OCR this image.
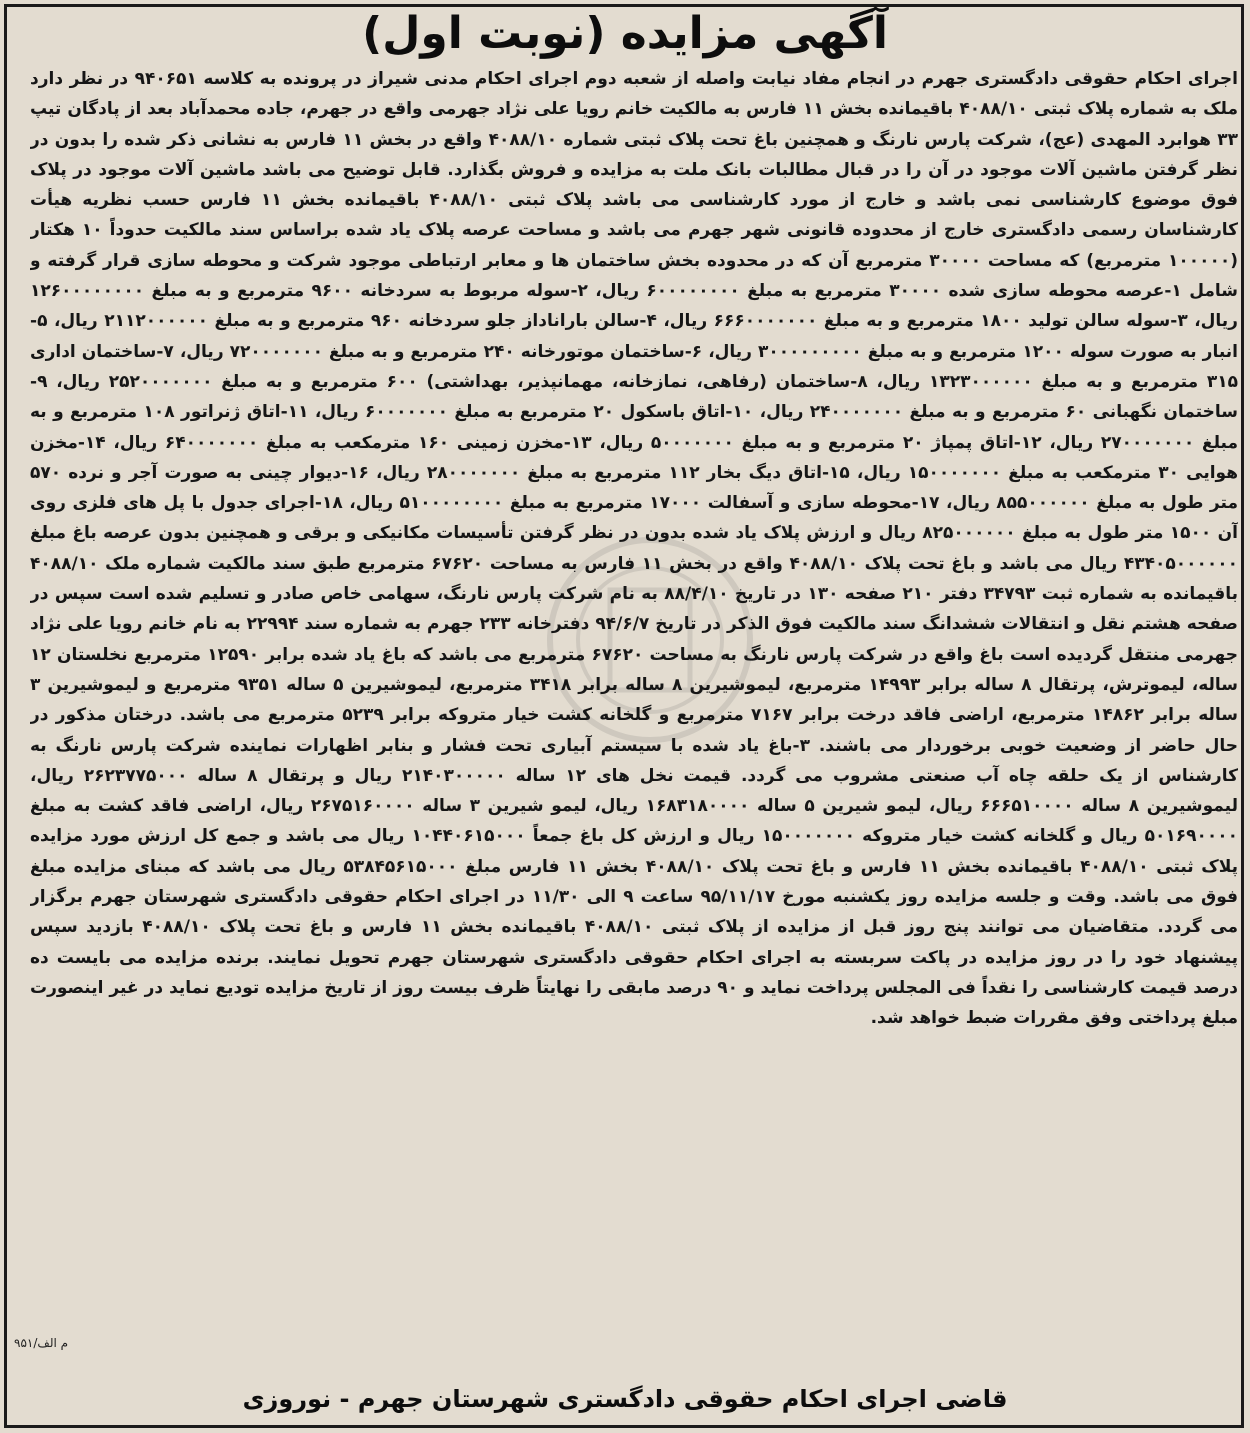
آگهی مزایده (نوبت اول)

اجرای احکام حقوقی دادگستری جهرم در انجام مفاد نیابت واصله از شعبه دوم اجرای احکام مدنی شیراز در پرونده به کلاسه ۹۴۰۶۵۱ در نظر دارد ملک به شماره پلاک ثبتی ۴۰۸۸/۱۰ باقیمانده بخش ۱۱ فارس به مالکیت خانم رویا علی نژاد جهرمی واقع در جهرم، جاده محمدآباد بعد از پادگان تیپ ۳۳ هوابرد المهدی (عج)، شرکت پارس نارنگ و همچنین باغ تحت پلاک ثبتی شماره ۴۰۸۸/۱۰ واقع در بخش ۱۱ فارس به نشانی ذکر شده را بدون در نظر گرفتن ماشین آلات موجود در آن را در قبال مطالبات بانک ملت به مزایده و فروش بگذارد. قابل توضیح می باشد ماشین آلات موجود در پلاک فوق موضوع کارشناسی نمی باشد و خارج از مورد کارشناسی می باشد پلاک ثبتی ۴۰۸۸/۱۰ باقیمانده بخش ۱۱ فارس حسب نظریه هیأت کارشناسان رسمی دادگستری خارج از محدوده قانونی شهر جهرم می باشد و مساحت عرصه پلاک یاد شده براساس سند مالکیت حدوداً ۱۰ هکتار (۱۰۰۰۰۰ مترمربع) که مساحت ۳۰۰۰۰ مترمربع آن که در محدوده بخش ساختمان ها و معابر ارتباطی موجود شرکت و محوطه سازی قرار گرفته و شامل ۱-عرصه محوطه سازی شده ۳۰۰۰۰ مترمربع به مبلغ ۶۰۰۰۰۰۰۰۰ ریال، ۲-سوله مربوط به سردخانه ۹۶۰۰ مترمربع و به مبلغ ۱۲۶۰۰۰۰۰۰۰۰ ریال، ۳-سوله سالن تولید ۱۸۰۰ مترمربع و به مبلغ ۶۶۶۰۰۰۰۰۰۰ ریال، ۴-سالن باراناداز جلو سردخانه ۹۶۰ مترمربع و به مبلغ ۲۱۱۲۰۰۰۰۰۰ ریال، ۵-انبار به صورت سوله ۱۲۰۰ مترمربع و به مبلغ ۳۰۰۰۰۰۰۰۰۰ ریال، ۶-ساختمان موتورخانه ۲۴۰ مترمربع و به مبلغ ۷۲۰۰۰۰۰۰۰ ریال، ۷-ساختمان اداری ۳۱۵ مترمربع و به مبلغ ۱۳۲۳۰۰۰۰۰۰ ریال، ۸-ساختمان (رفاهی، نمازخانه، مهمانپذیر، بهداشتی) ۶۰۰ مترمربع و به مبلغ ۲۵۲۰۰۰۰۰۰۰ ریال، ۹-ساختمان نگهبانی ۶۰ مترمربع و به مبلغ ۲۴۰۰۰۰۰۰۰ ریال، ۱۰-اتاق باسکول ۲۰ مترمربع به مبلغ ۶۰۰۰۰۰۰۰ ریال، ۱۱-اتاق ژنراتور ۱۰۸ مترمربع و به مبلغ ۲۷۰۰۰۰۰۰۰ ریال، ۱۲-اتاق پمپاژ ۲۰ مترمربع و به مبلغ ۵۰۰۰۰۰۰۰ ریال، ۱۳-مخزن زمینی ۱۶۰ مترمکعب به مبلغ ۶۴۰۰۰۰۰۰۰ ریال، ۱۴-مخزن هوایی ۳۰ مترمکعب به مبلغ ۱۵۰۰۰۰۰۰۰ ریال، ۱۵-اتاق دیگ بخار ۱۱۲ مترمربع به مبلغ ۲۸۰۰۰۰۰۰۰ ریال، ۱۶-دیوار چینی به صورت آجر و نرده ۵۷۰ متر طول به مبلغ ۸۵۵۰۰۰۰۰۰ ریال، ۱۷-محوطه سازی و آسفالت ۱۷۰۰۰ مترمربع به مبلغ ۵۱۰۰۰۰۰۰۰۰ ریال، ۱۸-اجرای جدول با پل های فلزی روی آن ۱۵۰۰ متر طول به مبلغ ۸۲۵۰۰۰۰۰۰ ریال و ارزش پلاک یاد شده بدون در نظر گرفتن تأسیسات مکانیکی و برقی و همچنین بدون عرصه باغ مبلغ ۴۳۴۰۵۰۰۰۰۰۰ ریال می باشد و باغ تحت پلاک ۴۰۸۸/۱۰ واقع در بخش ۱۱ فارس به مساحت ۶۷۶۲۰ مترمربع طبق سند مالکیت شماره ملک ۴۰۸۸/۱۰ باقیمانده به شماره ثبت ۳۴۷۹۳ دفتر ۲۱۰ صفحه ۱۳۰ در تاریخ ۸۸/۴/۱۰ به نام شرکت پارس نارنگ، سهامی خاص صادر و تسلیم شده است سپس در صفحه هشتم نقل و انتقالات ششدانگ سند مالکیت فوق الذکر در تاریخ ۹۴/۶/۷ دفترخانه ۲۳۳ جهرم به شماره سند ۲۲۹۹۴ به نام خانم رویا علی نژاد جهرمی منتقل گردیده است باغ واقع در شرکت پارس نارنگ به مساحت ۶۷۶۲۰ مترمربع می باشد که باغ یاد شده برابر ۱۲۵۹۰ مترمربع نخلستان ۱۲ ساله، لیموترش، پرتقال ۸ ساله برابر ۱۴۹۹۳ مترمربع، لیموشیرین ۸ ساله برابر ۳۴۱۸ مترمربع، لیموشیرین ۵ ساله ۹۳۵۱ مترمربع و لیموشیرین ۳ ساله برابر ۱۴۸۶۲ مترمربع، اراضی فاقد درخت برابر ۷۱۶۷ مترمربع و گلخانه کشت خیار متروکه برابر ۵۲۳۹ مترمربع می باشد. درختان مذکور در حال حاضر از وضعیت خوبی برخوردار می باشند. ۳-باغ یاد شده با سیستم آبیاری تحت فشار و بنابر اظهارات نماینده شرکت پارس نارنگ به کارشناس از یک حلقه چاه آب صنعتی مشروب می گردد. قیمت نخل های ۱۲ ساله ۲۱۴۰۳۰۰۰۰۰ ریال و پرتقال ۸ ساله ۲۶۲۳۷۷۵۰۰۰ ریال، لیموشیرین ۸ ساله ۶۶۶۵۱۰۰۰۰ ریال، لیمو شیرین ۵ ساله ۱۶۸۳۱۸۰۰۰۰ ریال، لیمو شیرین ۳ ساله ۲۶۷۵۱۶۰۰۰۰ ریال، اراضی فاقد کشت به مبلغ ۵۰۱۶۹۰۰۰۰ ریال و گلخانه کشت خیار متروکه ۱۵۰۰۰۰۰۰۰ ریال و ارزش کل باغ جمعاً ۱۰۴۴۰۶۱۵۰۰۰ ریال می باشد و جمع کل ارزش مورد مزایده پلاک ثبتی ۴۰۸۸/۱۰ باقیمانده بخش ۱۱ فارس و باغ تحت پلاک ۴۰۸۸/۱۰ بخش ۱۱ فارس مبلغ ۵۳۸۴۵۶۱۵۰۰۰ ریال می باشد که مبنای مزایده مبلغ فوق می باشد. وقت و جلسه مزایده روز یکشنبه مورخ ۹۵/۱۱/۱۷ ساعت ۹ الی ۱۱/۳۰ در اجرای احکام حقوقی دادگستری شهرستان جهرم برگزار می گردد. متقاضیان می توانند پنج روز قبل از مزایده از پلاک ثبتی ۴۰۸۸/۱۰ باقیمانده بخش ۱۱ فارس و باغ تحت پلاک ۴۰۸۸/۱۰ بازدید سپس پیشنهاد خود را در روز مزایده در پاکت سربسته به اجرای احکام حقوقی دادگستری شهرستان جهرم تحویل نمایند. برنده مزایده می بایست ده درصد قیمت کارشناسی را نقداً فی المجلس پرداخت نماید و ۹۰ درصد مابقی را نهایتاً ظرف بیست روز از تاریخ مزایده تودیع نماید در غیر اینصورت مبلغ پرداختی وفق مقررات ضبط خواهد شد.

۹۵۱/م الف
قاضی اجرای احکام حقوقی دادگستری شهرستان جهرم - نوروزی
